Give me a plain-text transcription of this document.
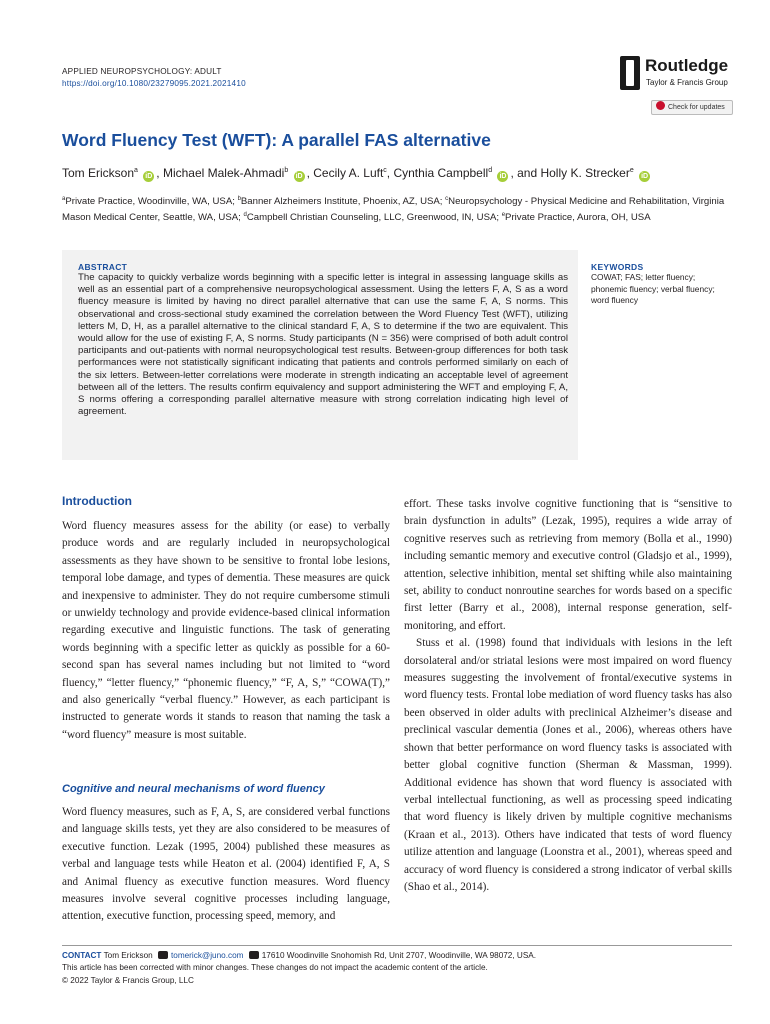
APPLIED NEUROPSYCHOLOGY: ADULT
https://doi.org/10.1080/23279095.2021.2021410
Routledge
Taylor & Francis Group
Check for updates
Word Fluency Test (WFT): A parallel FAS alternative
Tom Erickson$^a$ iD , Michael Malek-Ahmadi$^b$ iD , Cecily A. Luft$^c$, Cynthia Campbell$^d$ iD , and Holly K. Strecker$^e$ iD
$^a$Private Practice, Woodinville, WA, USA; $^b$Banner Alzheimers Institute, Phoenix, AZ, USA; $^c$Neuropsychology - Physical Medicine and Rehabilitation, Virginia Mason Medical Center, Seattle, WA, USA; $^d$Campbell Christian Counseling, LLC, Greenwood, IN, USA; $^e$Private Practice, Aurora, OH, USA
ABSTRACT
The capacity to quickly verbalize words beginning with a specific letter is integral in assessing language skills as well as an essential part of a comprehensive neuropsychological assessment. Using the letters F, A, S as a word fluency measure is limited by having no direct parallel alternative that can use the same F, A, S norms. This observational and cross-sectional study examined the correlation between the Word Fluency Test (WFT), utilizing letters M, D, H, as a parallel alternative to the clinical standard F, A, S to determine if the two are equivalent. This would allow for the use of existing F, A, S norms. Study participants (N = 356) were comprised of both adult control participants and out-patients with normal neuropsychological test results. Between-group differences for both task performances were not statistically significant indicating that patients and controls performed similarly on each of the six letters. Between-letter correlations were moderate in strength indicating an acceptable level of agreement between all of the letters. The results confirm equivalency and support administering the WFT and employing F, A, S norms offering a corresponding parallel alternative measure with strong correlation indicating high level of agreement.
KEYWORDS
COWAT; FAS; letter fluency; phonemic fluency; verbal fluency; word fluency
Introduction

Word fluency measures assess for the ability (or ease) to verbally produce words and are regularly included in neuropsychological assessments as they have shown to be sensitive to frontal lobe lesions, temporal lobe damage, and types of dementia. These measures are quick and inexpensive to administer. They do not require cumbersome stimuli or unwieldy technology and provide evidence-based clinical information regarding executive and linguistic functions. The task of generating words beginning with a specific letter as quickly as possible for a 60-second span has several names including but not limited to “word fluency,” “letter fluency,” “phonemic fluency,” “F, A, S,” “COWA(T),” and also generically “verbal fluency.” However, as each participant is instructed to generate words it stands to reason that naming the task a “word fluency” measure is most suitable.

Cognitive and neural mechanisms of word fluency

Word fluency measures, such as F, A, S, are considered verbal functions and language skills tests, yet they are also considered to be measures of executive function. Lezak (1995, 2004) published these measures as verbal and language tests while Heaton et al. (2004) identified F, A, S and Animal fluency as executive function measures. Word fluency measures involve several cognitive processes including language, attention, executive function, processing speed, memory, and

effort. These tasks involve cognitive functioning that is “sensitive to brain dysfunction in adults” (Lezak, 1995), requires a wide array of cognitive reserves such as retrieving from memory (Bolla et al., 1990) including semantic memory and executive control (Gladsjo et al., 1999), attention, selective inhibition, mental set shifting while also maintaining set, ability to conduct nonroutine searches for words based on a specific first letter (Barry et al., 2008), internal response generation, self-monitoring, and effort.

Stuss et al. (1998) found that individuals with lesions in the left dorsolateral and/or striatal lesions were most impaired on word fluency measures suggesting the involvement of frontal/executive systems in word fluency tests. Frontal lobe mediation of word fluency tasks has also been observed in older adults with preclinical Alzheimer’s disease and preclinical vascular dementia (Jones et al., 2006), whereas others have shown that better performance on word fluency tasks is associated with better global cognitive function (Sherman & Massman, 1999). Additional evidence has shown that word fluency is associated with verbal intellectual functioning, as well as processing speed indicating that word fluency is likely driven by multiple cognitive mechanisms (Kraan et al., 2013). Others have indicated that tests of word fluency utilize attention and language (Loonstra et al., 2001), whereas speed and accuracy of word fluency is considered a strong indicator of verbal skills (Shao et al., 2014).

CONTACT Tom Erickson tomerick@juno.com 17610 Woodinville Snohomish Rd, Unit 2707, Woodinville, WA 98072, USA.
This article has been corrected with minor changes. These changes do not impact the academic content of the article.
© 2022 Taylor & Francis Group, LLC
